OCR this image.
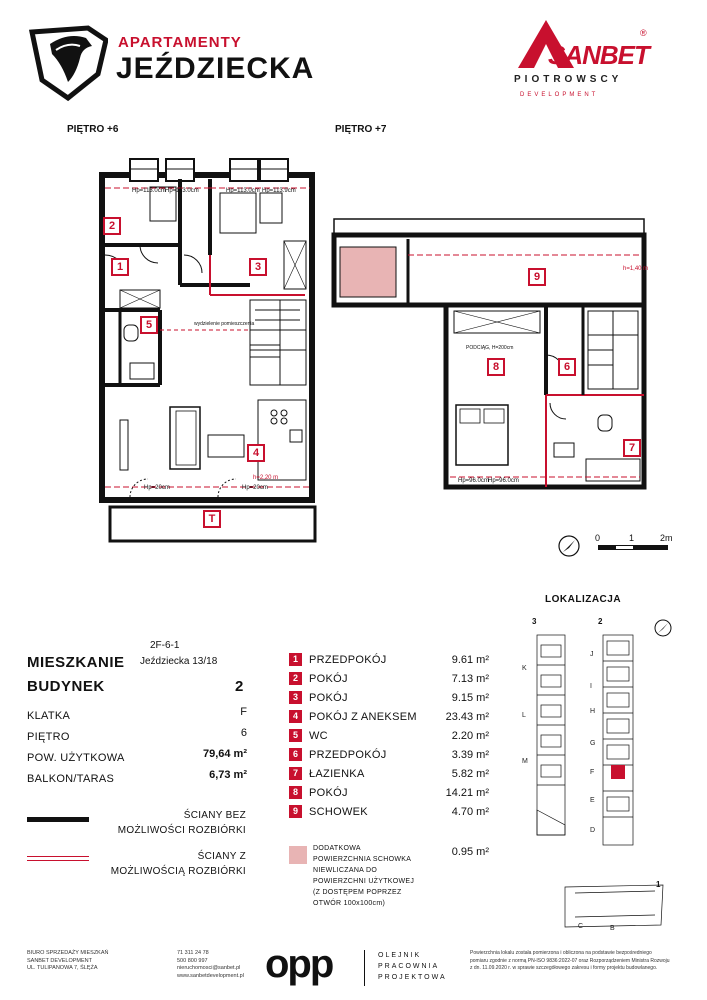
APARTAMENTY
JEŹDZIECKA
®
SANBET
PIOTROWSCY
DEVELOPMENT
PIĘTRO +6	PIĘTRO +7
2
1	3
5
4
T
Hp=113.0cm Hp=113.0cm	Hp=113.0cm Hp=113.9cm
wydzielenie pomieszczenia
Hp=20cm	Hp=20cm
h=2,20 m
9
8	6
7
h=1,40 m
PODCIĄG, H=200cm
Hp=96.0cm Hp=96.0cm
0	1	2m
2F-6-1
Jeździecka 13/18
MIESZKANIE
BUDYNEK	2
KLATKA	F
PIĘTRO	6
POW. UŻYTKOWA	79,64 m²
BALKON/TARAS	6,73 m²
1	PRZEDPOKÓJ	9.61 m²
2	POKÓJ	7.13 m²
3	POKÓJ	9.15 m²
4	POKÓJ Z ANEKSEM	23.43 m²
5	WC	2.20 m²
6	PRZEDPOKÓJ	3.39 m²
7	ŁAZIENKA	5.82 m²
8	POKÓJ	14.21 m²
9	SCHOWEK	4.70 m²
ŚCIANY BEZ
MOŻLIWOŚCI ROZBIÓRKI
ŚCIANY Z
MOŻLIWOŚCIĄ ROZBIÓRKI
DODATKOWA
POWIERZCHNIA SCHOWKA
NIEWLICZANA DO
POWIERZCHNI UŻYTKOWEJ
(Z DOSTĘPEM POPRZEZ
OTWÓR 100x100cm)
0.95 m²
LOKALIZACJA
3	2
1
K
L
M
J
I
H
G
F
E
D
C	B
BIURO SPRZEDAŻY MIESZKAŃ
SANBET DEVELOPMENT
UL. TULIPANOWA 7, ŚLĘŻA
71 311 24 78
500 800 997
nieruchomosci@sanbet.pl
www.sanbetdevelopment.pl opp	OLEJNIK
PRACOWNIA
PROJEKTOWA
Powierzchnia lokalu została pomierzona i obliczona na podstawie bezpośredniego
pomiaru zgodnie z normą PN-ISO 9836:2022-07 oraz Rozporządzeniem Ministra Rozwoju
z dn. 11.09.2020 r. w sprawie szczegółowego zakresu i formy projektu budowlanego.
